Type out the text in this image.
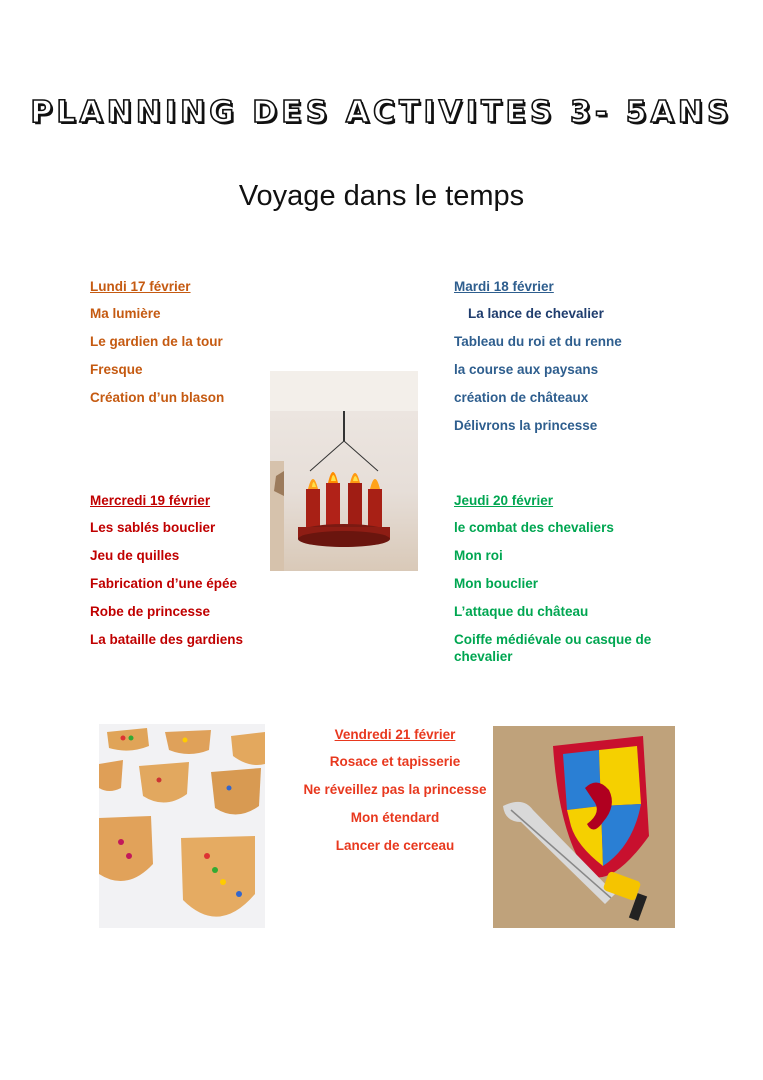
PLANNING DES ACTIVITES 3- 5ANS
Voyage dans le temps
Lundi 17 février
Ma lumière
Le gardien de la tour
Fresque
Création d’un blason
Mardi 18 février
La lance de chevalier
Tableau du roi et du renne
la course aux paysans
création de châteaux
Délivrons la princesse
Mercredi 19 février
Les sablés bouclier
Jeu de quilles
Fabrication d’une épée
Robe de princesse
La bataille des gardiens
Jeudi 20 février
le combat des chevaliers
Mon roi
Mon bouclier
L’attaque du château
Coiffe médiévale ou casque de chevalier
Vendredi 21 février
Rosace et tapisserie
Ne réveillez pas la princesse
Mon étendard
Lancer de cerceau
